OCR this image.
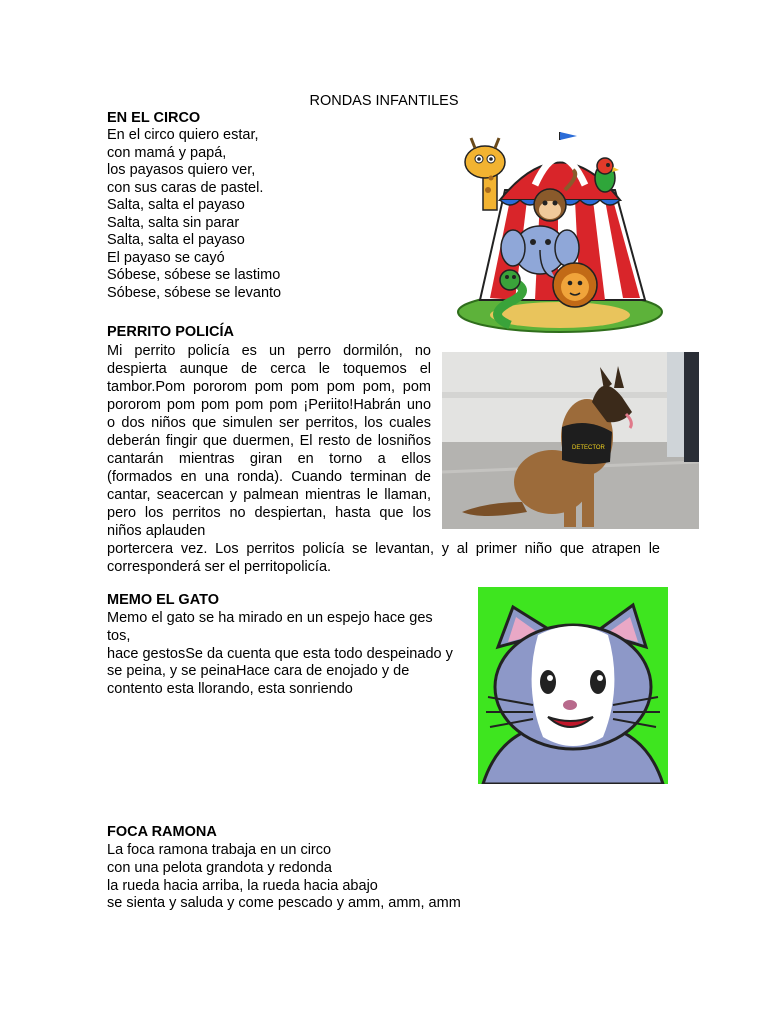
RONDAS INFANTILES
EN EL CIRCO
En el circo quiero estar,
con mamá y papá,
los payasos quiero ver,
con sus caras de pastel.
Salta, salta el payaso
Salta, salta sin parar
Salta, salta el payaso
El payaso se cayó
Sóbese, sóbese se lastimo
Sóbese, sóbese se levanto
PERRITO POLICÍA
Mi perrito policía es un perro dormilón, no despierta aunque de cerca le toquemos el tambor.Pom pororom pom pom pom pom, pom pororom pom pom pom pom ¡Periito!Habrán uno o dos niños que simulen ser perritos, los cuales deberán fingir que duermen, El resto de losniños cantarán mientras giran en torno a ellos (formados en una ronda). Cuando terminan de cantar, seacercan y palmean mientras le llaman, pero los perritos no despiertan, hasta que los niños aplauden
portercera vez. Los perritos policía se levantan, y al primer niño que atrapen le corresponderá ser el perritopolicía.
DETECTOR
MEMO EL GATO
Memo el gato se ha mirado en un espejo hace ges
tos,
hace gestosSe da cuenta que esta todo despeinado y
se peina, y se peinaHace cara de enojado y de
contento esta llorando, esta sonriendo
FOCA RAMONA
La foca ramona trabaja en un circo
con una pelota grandota y redonda
la rueda hacia arriba, la rueda hacia abajo
se sienta y saluda y come pescado y amm, amm, amm
